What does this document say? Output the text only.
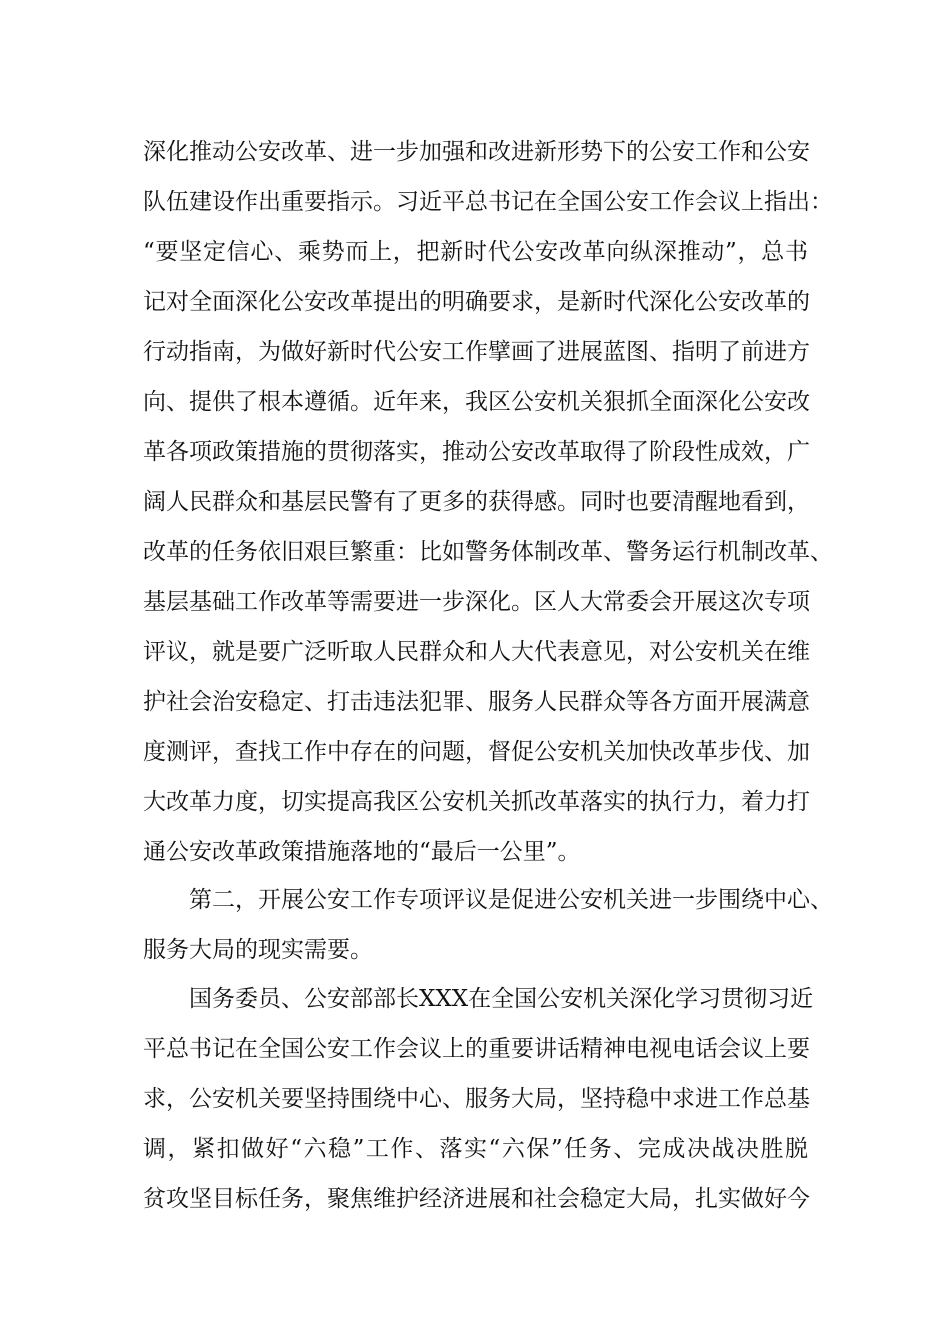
深化推动公安改革、进一步加强和改进新形势下的公安工作和公安
队伍建设作出重要指示。习近平总书记在全国公安工作会议上指出：
“要坚定信心、乘势而上，把新时代公安改革向纵深推动”，总书
记对全面深化公安改革提出的明确要求，是新时代深化公安改革的
行动指南，为做好新时代公安工作擘画了进展蓝图、指明了前进方
向、提供了根本遵循。近年来，我区公安机关狠抓全面深化公安改
革各项政策措施的贯彻落实，推动公安改革取得了阶段性成效，广
阔人民群众和基层民警有了更多的获得感。同时也要清醒地看到，
改革的任务依旧艰巨繁重：比如警务体制改革、警务运行机制改革、
基层基础工作改革等需要进一步深化。区人大常委会开展这次专项
评议，就是要广泛听取人民群众和人大代表意见，对公安机关在维
护社会治安稳定、打击违法犯罪、服务人民群众等各方面开展满意
度测评，查找工作中存在的问题，督促公安机关加快改革步伐、加
大改革力度，切实提高我区公安机关抓改革落实的执行力，着力打
通公安改革政策措施落地的“最后一公里”。
第二，开展公安工作专项评议是促进公安机关进一步围绕中心、
服务大局的现实需要。
国务委员、公安部部长XXX在全国公安机关深化学习贯彻习近
平总书记在全国公安工作会议上的重要讲话精神电视电话会议上要
求，公安机关要坚持围绕中心、服务大局，坚持稳中求进工作总基
调，紧扣做好“六稳”工作、落实“六保”任务、完成决战决胜脱
贫攻坚目标任务，聚焦维护经济进展和社会稳定大局，扎实做好今
